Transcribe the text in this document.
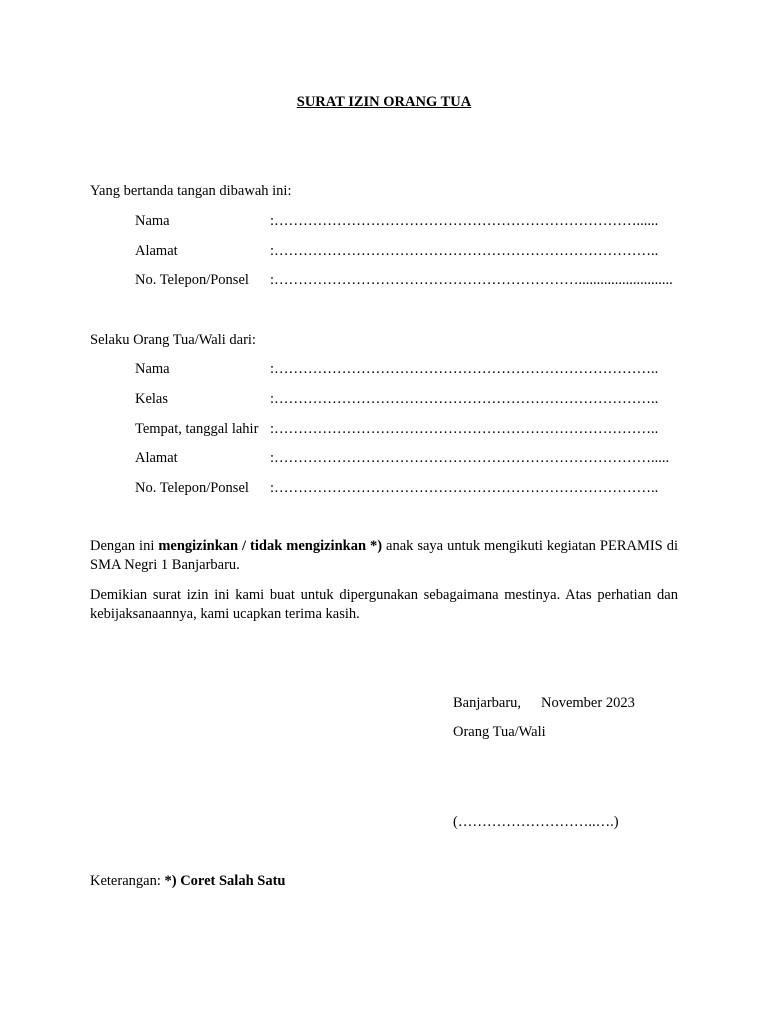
SURAT IZIN ORANG TUA
Yang bertanda tangan dibawah ini:
Nama	:…………………………………………………………………......
Alamat	:……………………………………………………………………..
No. Telepon/Ponsel :………………………………………………………..........................
Selaku Orang Tua/Wali dari:
Nama	:……………………………………………………………………..
Kelas	:……………………………………………………………………..
Tempat, tanggal lahir :……………………………………………………………………..
Alamat	:…………………………………………………………………….....
No. Telepon/Ponsel :……………………………………………………………………..
Dengan ini mengizinkan / tidak mengizinkan *) anak saya untuk mengikuti kegiatan PERAMIS di SMA Negri 1 Banjarbaru.
Demikian surat izin ini kami buat untuk dipergunakan sebagaimana mestinya. Atas perhatian dan kebijaksanaannya, kami ucapkan terima kasih.
Banjarbaru, November 2023
Orang Tua/Wali
(………………………..….)
Keterangan: *) Coret Salah Satu
